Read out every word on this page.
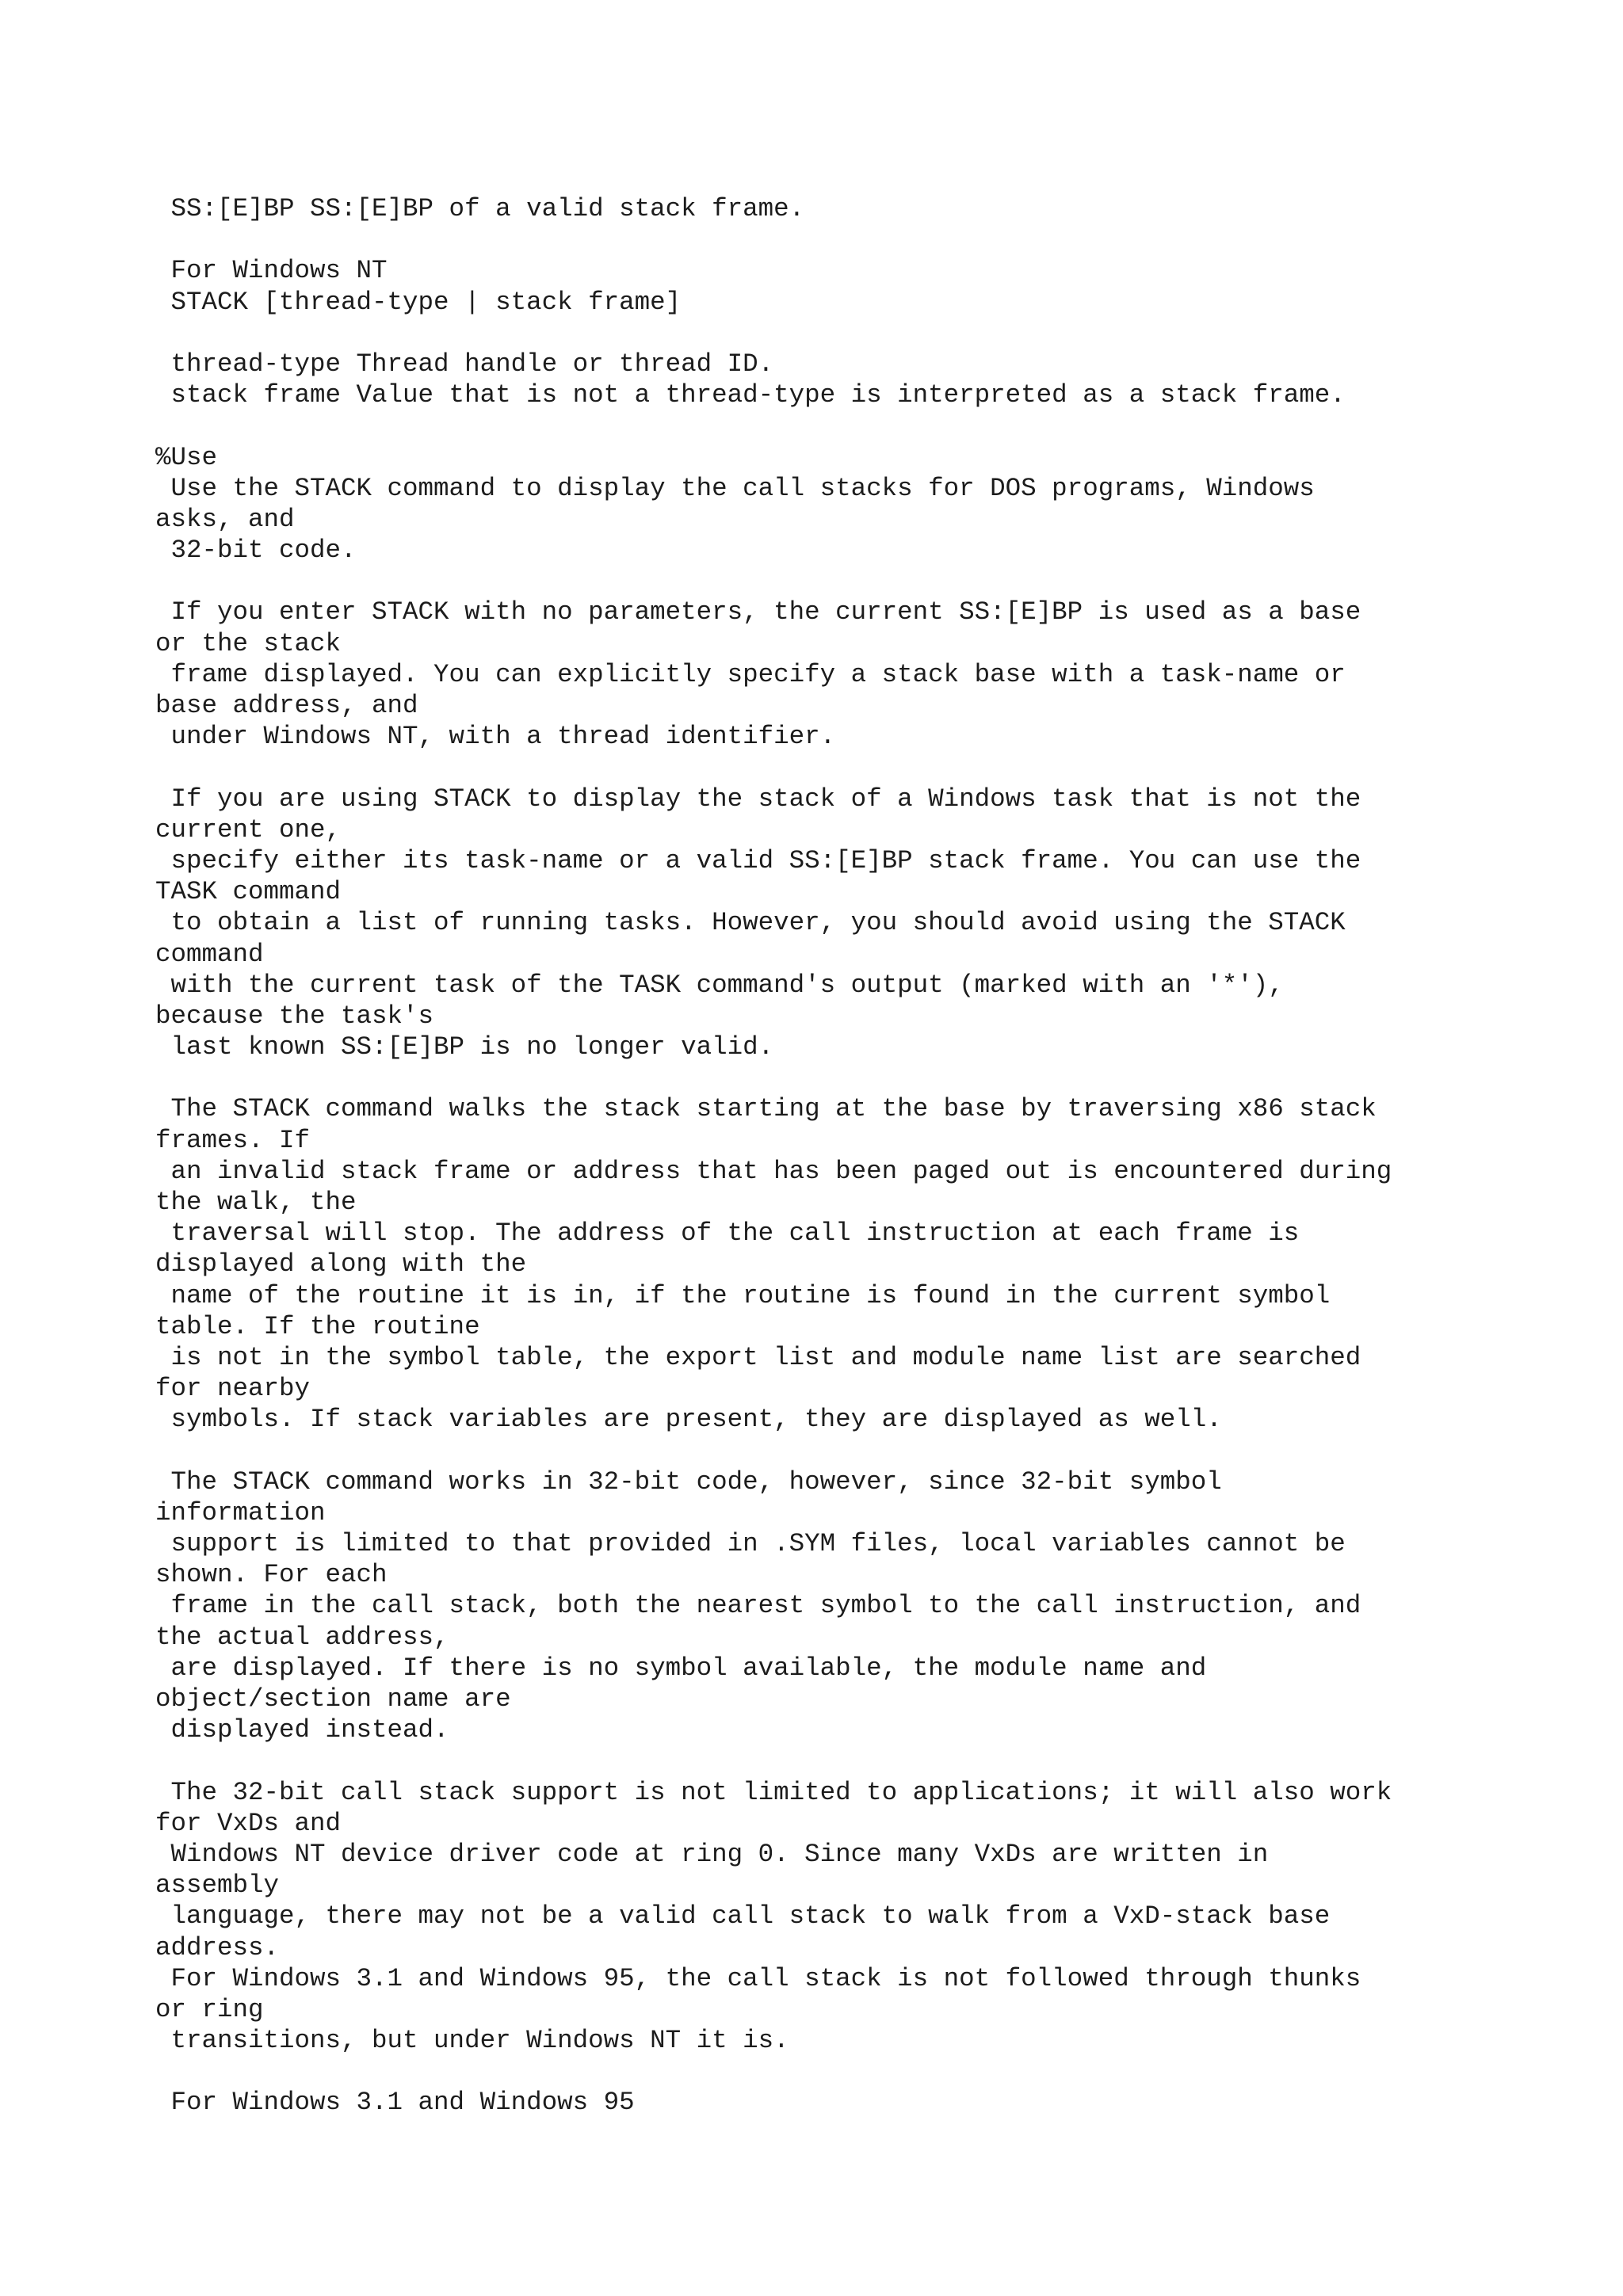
SS:[E]BP SS:[E]BP of a valid stack frame.
For Windows NT
STACK [thread-type | stack frame]
thread-type Thread handle or thread ID.
stack frame Value that is not a thread-type is interpreted as a stack frame.
%Use
Use the STACK command to display the call stacks for DOS programs, Windows
asks, and
32-bit code.
If you enter STACK with no parameters, the current SS:[E]BP is used as a base
or the stack
frame displayed. You can explicitly specify a stack base with a task-name or
base address, and
under Windows NT, with a thread identifier.
If you are using STACK to display the stack of a Windows task that is not the
current one,
specify either its task-name or a valid SS:[E]BP stack frame. You can use the
TASK command
to obtain a list of running tasks. However, you should avoid using the STACK
command
with the current task of the TASK command's output (marked with an '*'),
because the task's
last known SS:[E]BP is no longer valid.
The STACK command walks the stack starting at the base by traversing x86 stack
frames. If
an invalid stack frame or address that has been paged out is encountered during
the walk, the
traversal will stop. The address of the call instruction at each frame is
displayed along with the
name of the routine it is in, if the routine is found in the current symbol
table. If the routine
is not in the symbol table, the export list and module name list are searched
for nearby
symbols. If stack variables are present, they are displayed as well.
The STACK command works in 32-bit code, however, since 32-bit symbol
information
support is limited to that provided in .SYM files, local variables cannot be
shown. For each
frame in the call stack, both the nearest symbol to the call instruction, and
the actual address,
are displayed. If there is no symbol available, the module name and
object/section name are
displayed instead.
The 32-bit call stack support is not limited to applications; it will also work
for VxDs and
Windows NT device driver code at ring 0. Since many VxDs are written in
assembly
language, there may not be a valid call stack to walk from a VxD-stack base
address.
For Windows 3.1 and Windows 95, the call stack is not followed through thunks
or ring
transitions, but under Windows NT it is.
For Windows 3.1 and Windows 95
